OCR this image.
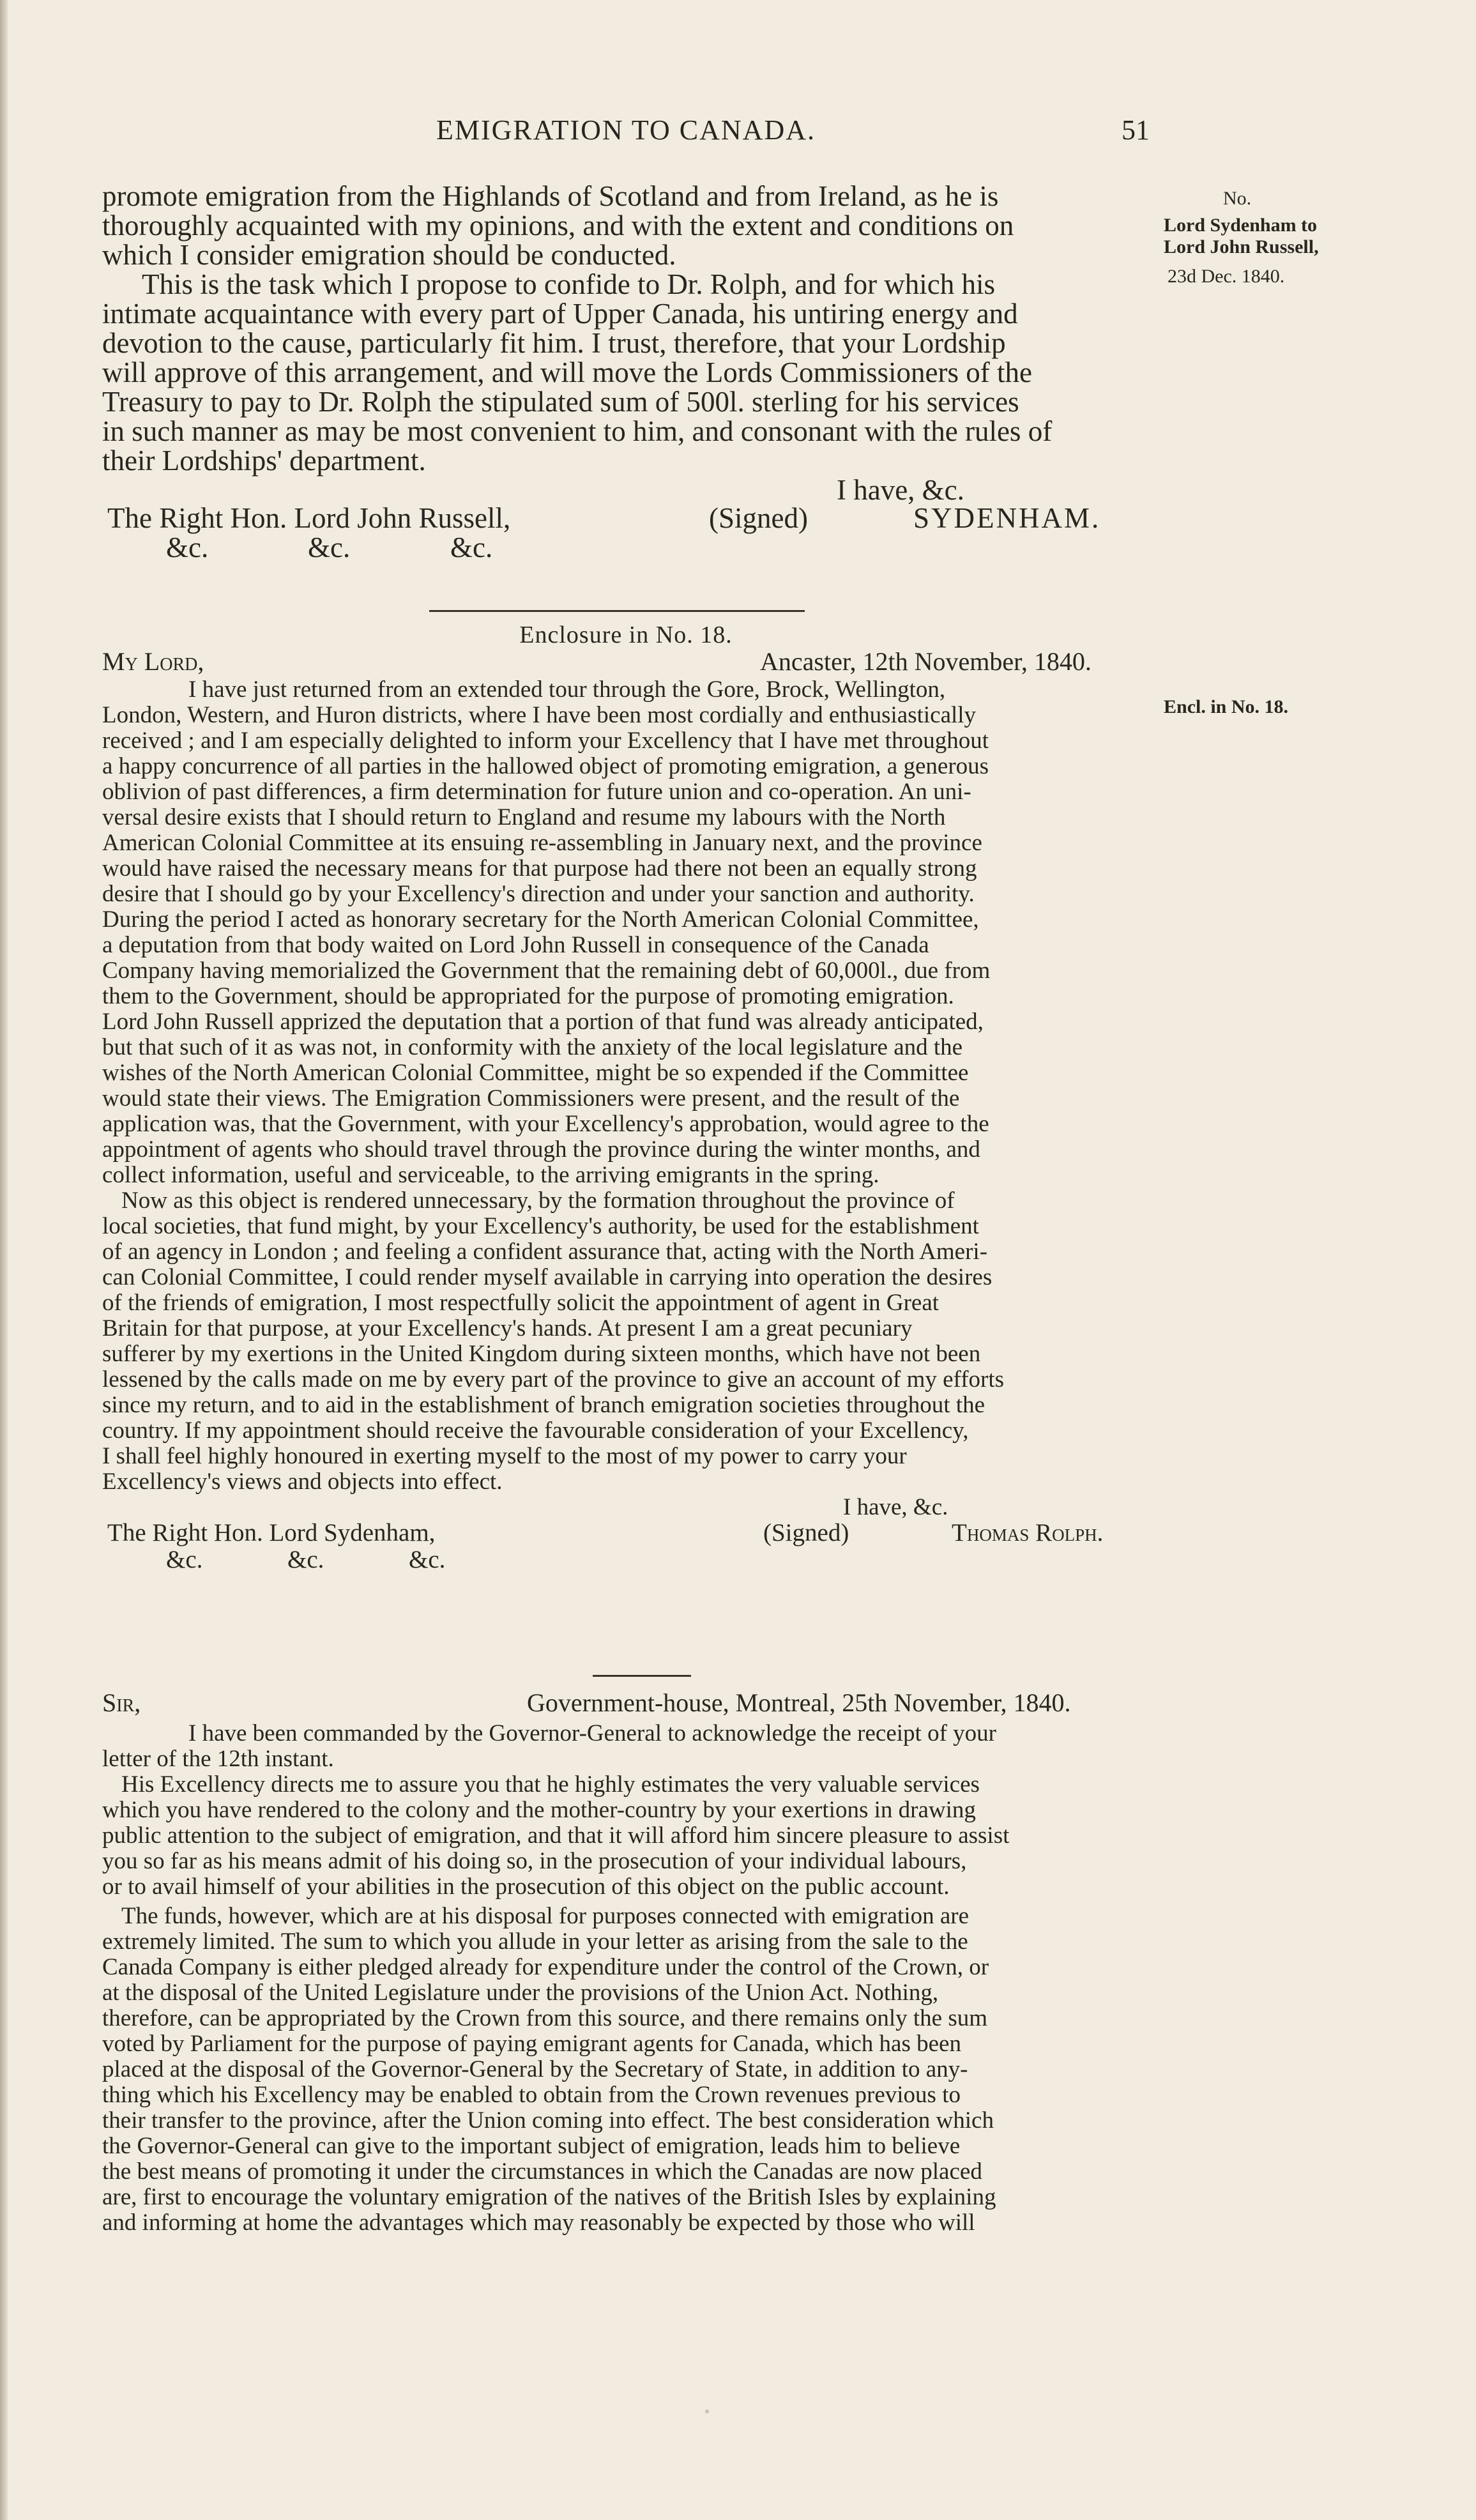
EMIGRATION TO CANADA.	51
No.
Lord Sydenham to
Lord John Russell,
23d Dec. 1840.
Encl. in No. 18.

promote emigration from the Highlands of Scotland and from Ireland, as he is

thoroughly acquainted with my opinions, and with the extent and conditions on

which I consider emigration should be conducted.

This is the task which I propose to confide to Dr. Rolph, and for which his

intimate acquaintance with every part of Upper Canada, his untiring energy and

devotion to the cause, particularly fit him. I trust, therefore, that your Lordship

will approve of this arrangement, and will move the Lords Commissioners of the

Treasury to pay to Dr. Rolph the stipulated sum of 500l. sterling for his services

in such manner as may be most convenient to him, and consonant with the rules of

their Lordships' department.

I have, &c.
The Right Hon. Lord John Russell,	(Signed)	SYDENHAM.
&c.	&c.	&c.
Enclosure in No. 18.
My Lord,	Ancaster, 12th November, 1840.

I have just returned from an extended tour through the Gore, Brock, Wellington,

London, Western, and Huron districts, where I have been most cordially and enthusiastically

received ; and I am especially delighted to inform your Excellency that I have met throughout

a happy concurrence of all parties in the hallowed object of promoting emigration, a generous

oblivion of past differences, a firm determination for future union and co-operation. An uni-

versal desire exists that I should return to England and resume my labours with the North

American Colonial Committee at its ensuing re-assembling in January next, and the province

would have raised the necessary means for that purpose had there not been an equally strong

desire that I should go by your Excellency's direction and under your sanction and authority.

During the period I acted as honorary secretary for the North American Colonial Committee,

a deputation from that body waited on Lord John Russell in consequence of the Canada

Company having memorialized the Government that the remaining debt of 60,000l., due from

them to the Government, should be appropriated for the purpose of promoting emigration.

Lord John Russell apprized the deputation that a portion of that fund was already anticipated,

but that such of it as was not, in conformity with the anxiety of the local legislature and the

wishes of the North American Colonial Committee, might be so expended if the Committee

would state their views. The Emigration Commissioners were present, and the result of the

application was, that the Government, with your Excellency's approbation, would agree to the

appointment of agents who should travel through the province during the winter months, and

collect information, useful and serviceable, to the arriving emigrants in the spring.

Now as this object is rendered unnecessary, by the formation throughout the province of

local societies, that fund might, by your Excellency's authority, be used for the establishment

of an agency in London ; and feeling a confident assurance that, acting with the North Ameri-

can Colonial Committee, I could render myself available in carrying into operation the desires

of the friends of emigration, I most respectfully solicit the appointment of agent in Great

Britain for that purpose, at your Excellency's hands. At present I am a great pecuniary

sufferer by my exertions in the United Kingdom during sixteen months, which have not been

lessened by the calls made on me by every part of the province to give an account of my efforts

since my return, and to aid in the establishment of branch emigration societies throughout the

country. If my appointment should receive the favourable consideration of your Excellency,

I shall feel highly honoured in exerting myself to the most of my power to carry your

Excellency's views and objects into effect.

I have, &c.
The Right Hon. Lord Sydenham,	(Signed)	Thomas Rolph.
&c.	&c.	&c.
Sir,	Government-house, Montreal, 25th November, 1840.

I have been commanded by the Governor-General to acknowledge the receipt of your

letter of the 12th instant.

His Excellency directs me to assure you that he highly estimates the very valuable services

which you have rendered to the colony and the mother-country by your exertions in drawing

public attention to the subject of emigration, and that it will afford him sincere pleasure to assist

you so far as his means admit of his doing so, in the prosecution of your individual labours,

or to avail himself of your abilities in the prosecution of this object on the public account.

The funds, however, which are at his disposal for purposes connected with emigration are

extremely limited. The sum to which you allude in your letter as arising from the sale to the

Canada Company is either pledged already for expenditure under the control of the Crown, or

at the disposal of the United Legislature under the provisions of the Union Act. Nothing,

therefore, can be appropriated by the Crown from this source, and there remains only the sum

voted by Parliament for the purpose of paying emigrant agents for Canada, which has been

placed at the disposal of the Governor-General by the Secretary of State, in addition to any-

thing which his Excellency may be enabled to obtain from the Crown revenues previous to

their transfer to the province, after the Union coming into effect. The best consideration which

the Governor-General can give to the important subject of emigration, leads him to believe

the best means of promoting it under the circumstances in which the Canadas are now placed

are, first to encourage the voluntary emigration of the natives of the British Isles by explaining

and informing at home the advantages which may reasonably be expected by those who will
